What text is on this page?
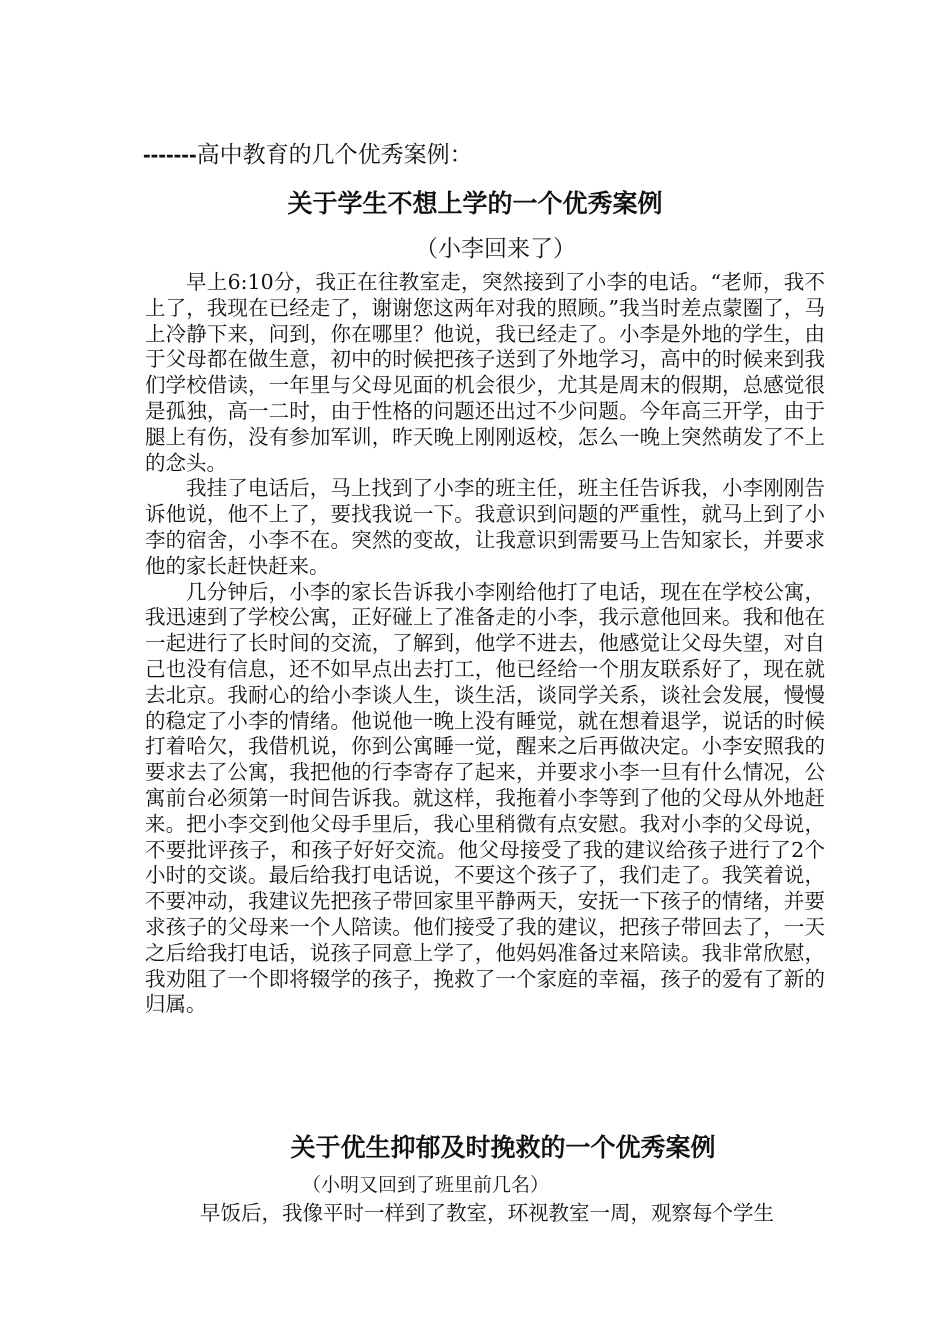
-------高中教育的几个优秀案例：
关于学生不想上学的一个优秀案例
（小李回来了）

早上6:10分，我正在往教室走，突然接到了小李的电话。“老师，我不上了，我现在已经走了，谢谢您这两年对我的照顾。”我当时差点蒙圈了，马上冷静下来，问到，你在哪里？他说，我已经走了。小李是外地的学生，由于父母都在做生意，初中的时候把孩子送到了外地学习，高中的时候来到我们学校借读，一年里与父母见面的机会很少，尤其是周末的假期，总感觉很是孤独，高一二时，由于性格的问题还出过不少问题。今年高三开学，由于腿上有伤，没有参加军训，昨天晚上刚刚返校，怎么一晚上突然萌发了不上的念头。

我挂了电话后，马上找到了小李的班主任，班主任告诉我，小李刚刚告诉他说，他不上了，要找我说一下。我意识到问题的严重性，就马上到了小李的宿舍，小李不在。突然的变故，让我意识到需要马上告知家长，并要求他的家长赶快赶来。

几分钟后，小李的家长告诉我小李刚给他打了电话，现在在学校公寓，我迅速到了学校公寓，正好碰上了准备走的小李，我示意他回来。我和他在一起进行了长时间的交流，了解到，他学不进去，他感觉让父母失望，对自己也没有信息，还不如早点出去打工，他已经给一个朋友联系好了，现在就去北京。我耐心的给小李谈人生，谈生活，谈同学关系，谈社会发展，慢慢的稳定了小李的情绪。他说他一晚上没有睡觉，就在想着退学，说话的时候打着哈欠，我借机说，你到公寓睡一觉，醒来之后再做决定。小李安照我的要求去了公寓，我把他的行李寄存了起来，并要求小李一旦有什么情况，公寓前台必须第一时间告诉我。就这样，我拖着小李等到了他的父母从外地赶来。把小李交到他父母手里后，我心里稍微有点安慰。我对小李的父母说，不要批评孩子，和孩子好好交流。他父母接受了我的建议给孩子进行了2个小时的交谈。最后给我打电话说，不要这个孩子了，我们走了。我笑着说，不要冲动，我建议先把孩子带回家里平静两天，安抚一下孩子的情绪，并要求孩子的父母来一个人陪读。他们接受了我的建议，把孩子带回去了，一天之后给我打电话，说孩子同意上学了，他妈妈准备过来陪读。我非常欣慰，我劝阻了一个即将辍学的孩子，挽救了一个家庭的幸福，孩子的爱有了新的归属。

关于优生抑郁及时挽救的一个优秀案例
（小明又回到了班里前几名）
早饭后，我像平时一样到了教室，环视教室一周，观察每个学生
